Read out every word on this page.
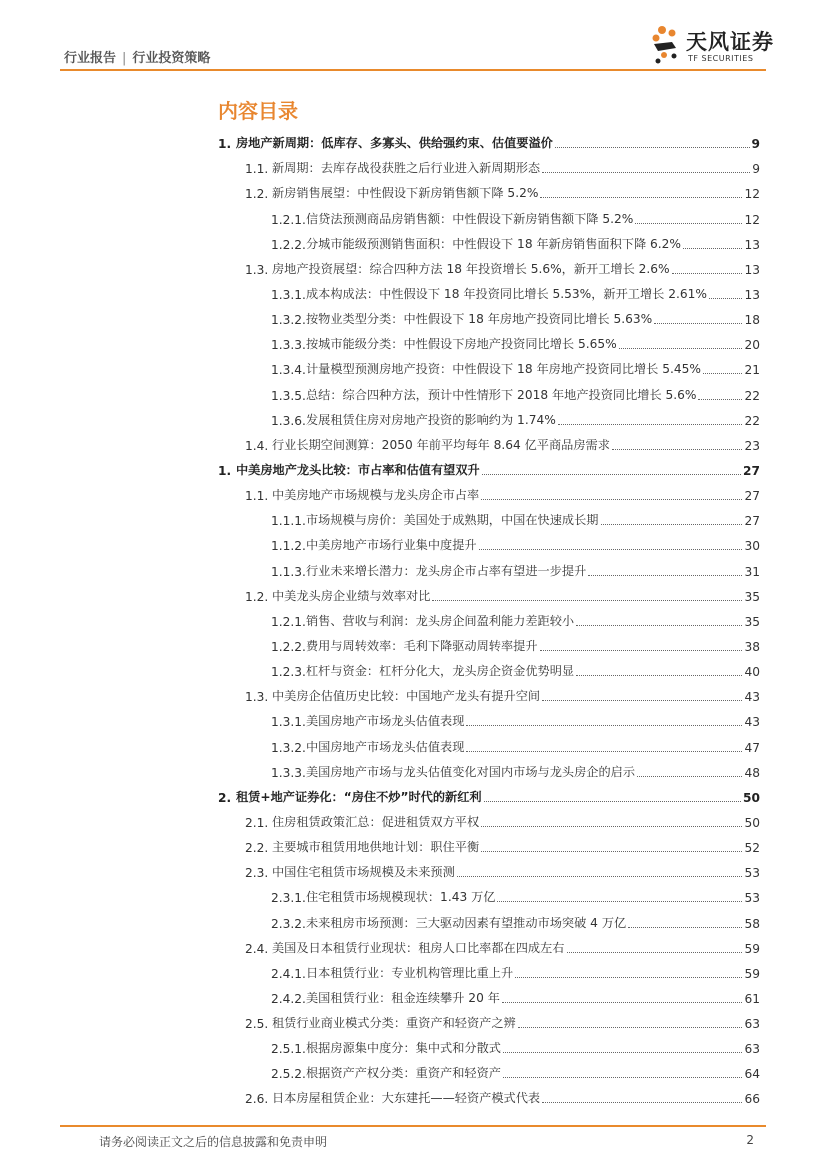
行业报告 | 行业投资策略
天风证券
TF SECURITIES
内容目录
1. 房地产新周期：低库存、多寡头、供给强约束、估值要溢价	9
1.1. 新周期：去库存战役获胜之后行业进入新周期形态	9
1.2. 新房销售展望：中性假设下新房销售额下降 5.2%	12
1.2.1. 信贷法预测商品房销售额：中性假设下新房销售额下降 5.2%	12
1.2.2. 分城市能级预测销售面积：中性假设下 18 年新房销售面积下降 6.2%	13
1.3. 房地产投资展望：综合四种方法 18 年投资增长 5.6%，新开工增长 2.6%	13
1.3.1. 成本构成法：中性假设下 18 年投资同比增长 5.53%，新开工增长 2.61%	13
1.3.2. 按物业类型分类：中性假设下 18 年房地产投资同比增长 5.63%	18
1.3.3. 按城市能级分类：中性假设下房地产投资同比增长 5.65%	20
1.3.4. 计量模型预测房地产投资：中性假设下 18 年房地产投资同比增长 5.45%	21
1.3.5. 总结：综合四种方法，预计中性情形下 2018 年地产投资同比增长 5.6%	22
1.3.6. 发展租赁住房对房地产投资的影响约为 1.74%	22
1.4. 行业长期空间测算：2050 年前平均每年 8.64 亿平商品房需求	23
1. 中美房地产龙头比较：市占率和估值有望双升	27
1.1. 中美房地产市场规模与龙头房企市占率	27
1.1.1. 市场规模与房价：美国处于成熟期，中国在快速成长期	27
1.1.2. 中美房地产市场行业集中度提升	30
1.1.3. 行业未来增长潜力：龙头房企市占率有望进一步提升	31
1.2. 中美龙头房企业绩与效率对比	35
1.2.1. 销售、营收与利润：龙头房企间盈利能力差距较小	35
1.2.2. 费用与周转效率：毛利下降驱动周转率提升	38
1.2.3. 杠杆与资金：杠杆分化大，龙头房企资金优势明显	40
1.3. 中美房企估值历史比较：中国地产龙头有提升空间	43
1.3.1. 美国房地产市场龙头估值表现	43
1.3.2. 中国房地产市场龙头估值表现	47
1.3.3. 美国房地产市场与龙头估值变化对国内市场与龙头房企的启示	48
2. 租赁+地产证券化：“房住不炒”时代的新红利	50
2.1. 住房租赁政策汇总：促进租赁双方平权	50
2.2. 主要城市租赁用地供地计划：职住平衡	52
2.3. 中国住宅租赁市场规模及未来预测	53
2.3.1. 住宅租赁市场规模现状：1.43 万亿	53
2.3.2. 未来租房市场预测：三大驱动因素有望推动市场突破 4 万亿	58
2.4. 美国及日本租赁行业现状：租房人口比率都在四成左右	59
2.4.1. 日本租赁行业：专业机构管理比重上升	59
2.4.2. 美国租赁行业：租金连续攀升 20 年	61
2.5. 租赁行业商业模式分类：重资产和轻资产之辨	63
2.5.1. 根据房源集中度分：集中式和分散式	63
2.5.2. 根据资产产权分类：重资产和轻资产	64
2.6. 日本房屋租赁企业：大东建托——轻资产模式代表	66
请务必阅读正文之后的信息披露和免责申明	2
